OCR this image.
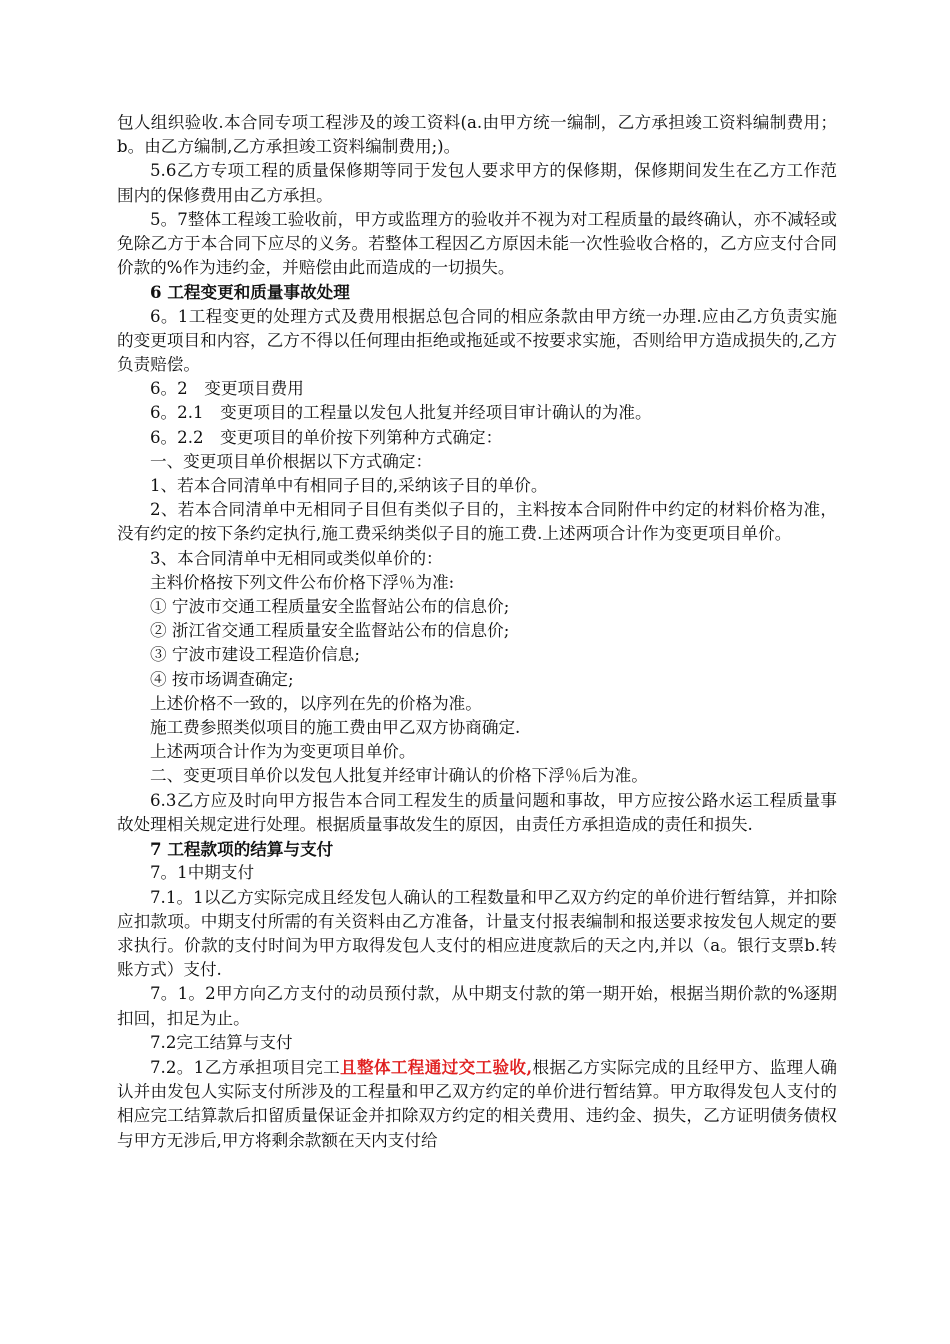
包人组织验收.本合同专项工程涉及的竣工资料(a.由甲方统一编制，乙方承担竣工资料编制费用；b。由乙方编制,乙方承担竣工资料编制费用;)。

5.6乙方专项工程的质量保修期等同于发包人要求甲方的保修期，保修期间发生在乙方工作范围内的保修费用由乙方承担。

5。7整体工程竣工验收前，甲方或监理方的验收并不视为对工程质量的最终确认，亦不减轻或免除乙方于本合同下应尽的义务。若整体工程因乙方原因未能一次性验收合格的，乙方应支付合同价款的%作为违约金，并赔偿由此而造成的一切损失。

6 工程变更和质量事故处理

6。1工程变更的处理方式及费用根据总包合同的相应条款由甲方统一办理.应由乙方负责实施的变更项目和内容，乙方不得以任何理由拒绝或拖延或不按要求实施，否则给甲方造成损失的,乙方负责赔偿。

6。2　变更项目费用

6。2.1　变更项目的工程量以发包人批复并经项目审计确认的为准。

6。2.2　变更项目的单价按下列第种方式确定：

一、变更项目单价根据以下方式确定：

1、若本合同清单中有相同子目的,采纳该子目的单价。

2、若本合同清单中无相同子目但有类似子目的，主料按本合同附件中约定的材料价格为准，没有约定的按下条约定执行,施工费采纳类似子目的施工费.上述两项合计作为变更项目单价。

3、本合同清单中无相同或类似单价的：

主料价格按下列文件公布价格下浮％为准:

① 宁波市交通工程质量安全监督站公布的信息价;

② 浙江省交通工程质量安全监督站公布的信息价;

③ 宁波市建设工程造价信息;

④ 按市场调查确定;

上述价格不一致的，以序列在先的价格为准。

施工费参照类似项目的施工费由甲乙双方协商确定.

上述两项合计作为为变更项目单价。

二、变更项目单价以发包人批复并经审计确认的价格下浮％后为准。

6.3乙方应及时向甲方报告本合同工程发生的质量问题和事故，甲方应按公路水运工程质量事故处理相关规定进行处理。根据质量事故发生的原因，由责任方承担造成的责任和损失.

7 工程款项的结算与支付

7。1中期支付

7.1。1以乙方实际完成且经发包人确认的工程数量和甲乙双方约定的单价进行暂结算，并扣除应扣款项。中期支付所需的有关资料由乙方准备，计量支付报表编制和报送要求按发包人规定的要求执行。价款的支付时间为甲方取得发包人支付的相应进度款后的天之内,并以（a。银行支票b.转账方式）支付.

7。1。2甲方向乙方支付的动员预付款，从中期支付款的第一期开始，根据当期价款的%逐期扣回，扣足为止。

7.2完工结算与支付

7.2。1乙方承担项目完工且整体工程通过交工验收,根据乙方实际完成的且经甲方、监理人确认并由发包人实际支付所涉及的工程量和甲乙双方约定的单价进行暂结算。甲方取得发包人支付的相应完工结算款后扣留质量保证金并扣除双方约定的相关费用、违约金、损失，乙方证明债务债权与甲方无涉后,甲方将剩余款额在天内支付给
